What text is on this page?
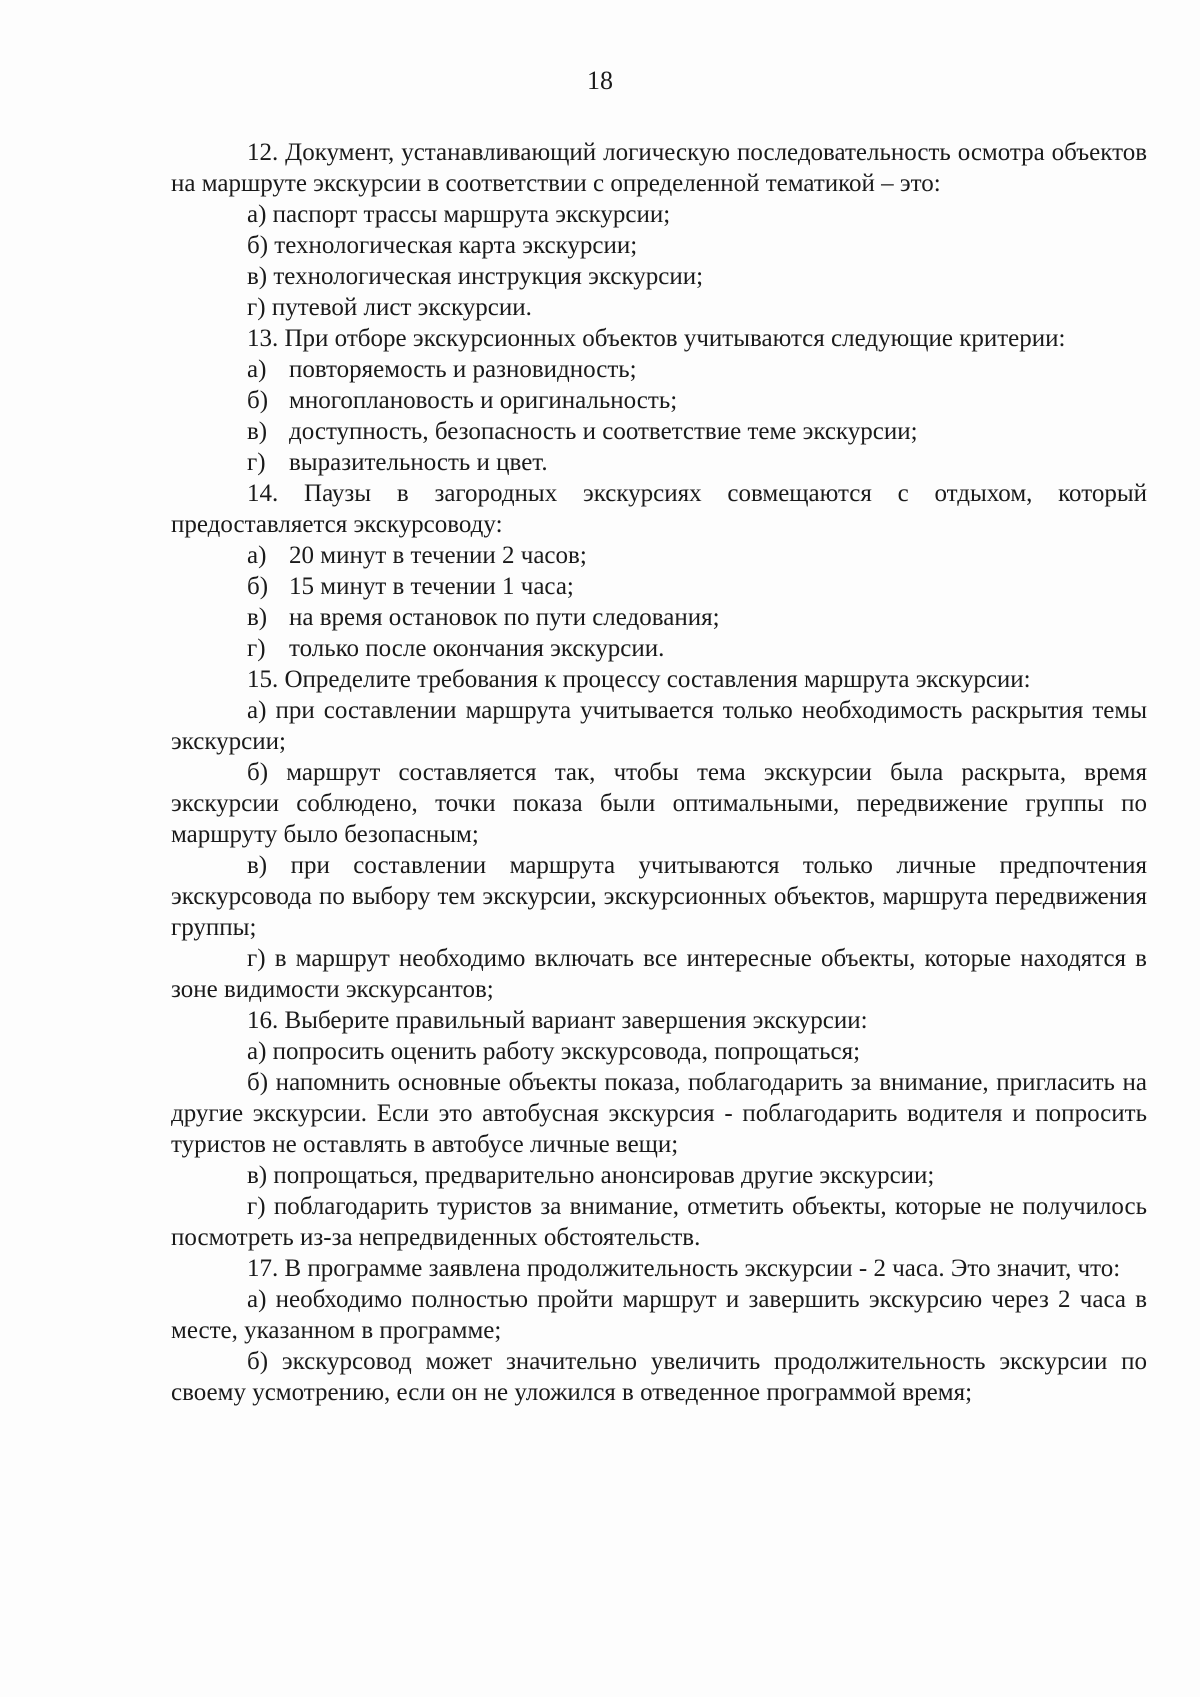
18

12. Документ, устанавливающий логическую последовательность осмотра объектов на маршруте экскурсии в соответствии с определенной тематикой – это:

а) паспорт трассы маршрута экскурсии;

б) технологическая карта экскурсии;

в) технологическая инструкция экскурсии;

г) путевой лист экскурсии.

13. При отборе экскурсионных объектов учитываются следующие критерии:

а) повторяемость и разновидность;

б) многоплановость и оригинальность;

в) доступность, безопасность и соответствие теме экскурсии;

г) выразительность и цвет.

14. Паузы в загородных экскурсиях совмещаются с отдыхом, который предоставляется экскурсоводу:

а) 20 минут в течении 2 часов;

б) 15 минут в течении 1 часа;

в) на время остановок по пути следования;

г) только после окончания экскурсии.

15. Определите требования к процессу составления маршрута экскурсии:

а) при составлении маршрута учитывается только необходимость раскрытия темы экскурсии;

б) маршрут составляется так, чтобы тема экскурсии была раскрыта, время экскурсии соблюдено, точки показа были оптимальными, передвижение группы по маршруту было безопасным;

в) при составлении маршрута учитываются только личные предпочтения экскурсовода по выбору тем экскурсии, экскурсионных объектов, маршрута передвижения группы;

г) в маршрут необходимо включать все интересные объекты, которые находятся в зоне видимости экскурсантов;

16. Выберите правильный вариант завершения экскурсии:

а) попросить оценить работу экскурсовода, попрощаться;

б) напомнить основные объекты показа, поблагодарить за внимание, пригласить на другие экскурсии. Если это автобусная экскурсия - поблагодарить водителя и попросить туристов не оставлять в автобусе личные вещи;

в) попрощаться, предварительно анонсировав другие экскурсии;

г) поблагодарить туристов за внимание, отметить объекты, которые не получилось посмотреть из-за непредвиденных обстоятельств.

17. В программе заявлена продолжительность экскурсии - 2 часа. Это значит, что:

а) необходимо полностью пройти маршрут и завершить экскурсию через 2 часа в месте, указанном в программе;

б) экскурсовод может значительно увеличить продолжительность экскурсии по своему усмотрению, если он не уложился в отведенное программой время;
